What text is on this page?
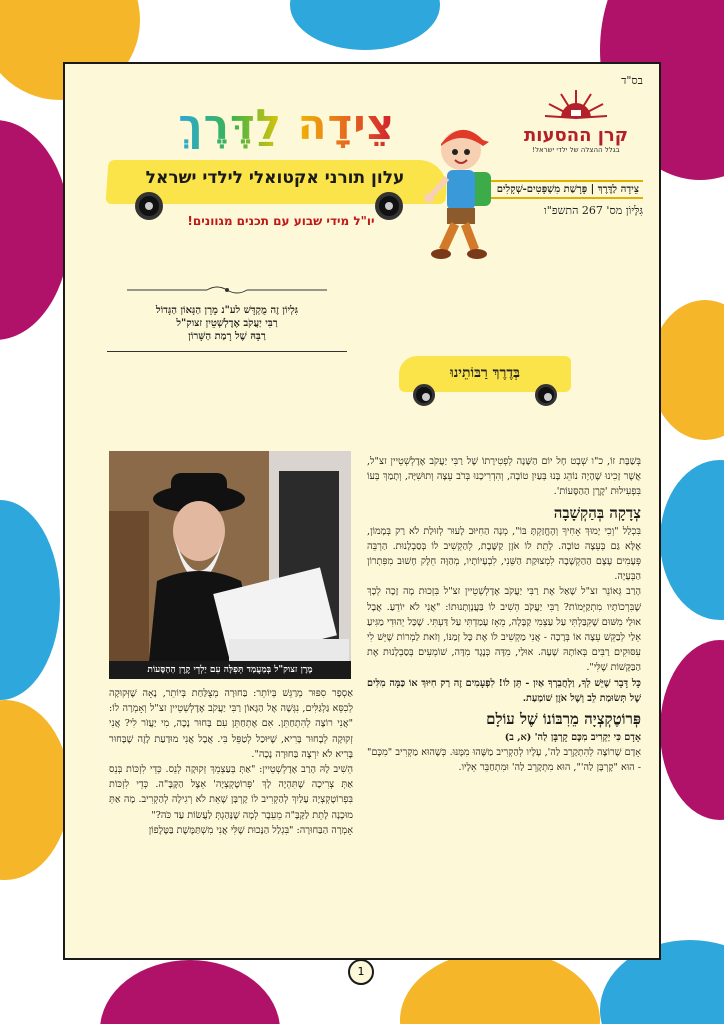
בס"ד
קרן ההסעות
בגלל ההצלה של ילדי ישראל!
צֵידָה לַדֶּרֶךְ | פָּרָשַׁת מִשְׁפָּטִים-שְׁקָלִים
גִּלָּיוֹן מס' 267 התשפ"ו
צֵידָה לַדֶּרֶךְ
עלון תורני אקטואלי לילדי ישראל
יו"ל מידי שבוע עם תכנים מגוונים!
גִּלְיוֹן זֶה מֻקְדָּשׁ לע"נ מָרָן הַגָּאוֹן הַגָּדוֹל
רַבִּי יַעֲקֹב אֶדֶלְשְׁטֵין זצוק"ל
רַבָּהּ שֶׁל רָמַת הַשָּׁרוֹן
בְּדֶרֶךְ רַבּוֹתֵינוּ

בְּשַׁבָּת זוֹ, כ"ו שְׁבָט חָל יוֹם הַשָּׁנָה לְפְטִירָתוֹ שֶׁל רַבִּי יַעֲקֹב אֶדֶלְשְׁטֵיין זצ"ל, אֲשֶׁר זָכִינוּ שֶׁהָיָה נוֹהֵג בָּנוּ בְּעַיִן טוֹבָה, וְהִדְרִיכָנוּ בְּרֹב עֵצָה וְתוּשִׁיָּה, וְתָמַךְ בְּעוֹ בִּפְעִילוּת 'קֶרֶן הַהַסָּעוֹת'.

צְדָקָה בְּהַקְשָׁבָה

בִּכְלַל "וְכִי יָמוּךְ אָחִיךָ וְהֶחֱזַקְתָּ בּוֹ", מְנָה הַחִיּוּב לָעוּר לְזוּלַת לֹא רַק בְּמָמוֹן, אֶלָּא גַּם בְּעֵצָה טוֹבָה. לָתֵת לוֹ אֹזֶן קַשֶּׁבֶת, לְהַקְשִׁיב לוֹ בְּסַבְלָנוּת. הַרְבֵּה פְּעָמִים עֶצֶם הַהַקְשָׁבָה לִמְצוּקַת הַשֵּׁנִי, לִבְעָיוֹתָיו, מְהַוָּה חֵלֶק חָשׁוּב מִפִּתְרוֹן הַבְּעָיָה.

הָרַב גְּאוֹנֵר זצ"ל שָׁאַל אֶת רַבִּי יַעֲקֹב אֶדֶלְשְׁטֵיין זצ"ל בִּזְכוּת מָה זָכָה לְכָךְ שֶׁבִּרְכוֹתָיו מִתְקַיְּמוֹת? רַבִּי יַעֲקֹב הֵשִׁיב לוֹ בַּעֲנָוְתָנוּתוֹ: "אֲנִי לֹא יוֹדֵעַ. אֲבָל אוּלַי מִשּׁוּם שֶׁקִּבַּלְתִּי עַל עַצְמִי קַבָּלָה, מֵאָז עָמַדְתִּי עַל דַּעְתִּי. שֶׁכָּל יְהוּדִי מַגִּיעַ אֵלַי לְבַקֵּשׁ עֵצָה אוֹ בְּרָכָה - אֲנִי מַקְשִׁיב לוֹ אֶת כָּל זְמַנּוֹ, וְזֹאת לַמְרוֹת שֶׁיֵּשׁ לִי עִסּוּקִים רַבִּים בְּאוֹתָהּ שָׁעָה. אוּלַי, מִדָּה כְּנֶגֶד מִדָּה, שׁוֹמְעִים בְּסַבְלָנוּת אֶת הַבַּקָּשׁוֹת שֶׁלִּי".

כָּל דָּבָר שֶׁיֵּשׁ לְךָ, וַלְחֲבֵרְךָ אַיִן - תֵּן לוֹ! לִפְעָמִים זֶה רַק חִיּוּךְ אוֹ כַּמָּה מִלִּים שֶׁל תְּשׂוּמַת לֵב וְשֶׁל אֹזֶן שׁוֹמַעַת.

פְּרוֹטֶקְצְיָה מֵרִבּוֹנוֹ שֶׁל עוֹלָם

אָדָם כִּי יַקְרִיב מִכֶּם קָרְבָּן לַה' (א, ב)

אָדָם שֶׁרוֹצֶה לְהִתְקָרֵב לַה', עָלָיו לְהַקְרִיב מַשֶּׁהוּ מִמֶּנּוּ. כְּשֶׁהוּא מַקְרִיב "מִכֶּם" - הוּא "קָרְבָּן לַה'", הוּא מִתְקָרֵב לַה' וּמִתְחַבֵּר אֵלָיו.

מָרָן זצוק"ל בְּמַעֲמַד תְּפִלָּה עִם יַלְדֵי קֶרֶן הַהַסָּעוֹת

אַסְפָר סִפּוּר מְרַגֵּשׁ בְּיוֹתֵר: בַּחוּרָה מְצֻלַּחַת בְּיוֹתֵר, נָאָה שֶׁזְּקוּקָה לְכִסֵּא גַּלְגַּלִּים, נִגְּשָׁה אֶל הַגָּאוֹן רַבִּי יַעֲקֹב אֶדֶלְשְׁטֵיין זצ"ל וְאָמְרָה לוֹ: "אֲנִי רוֹצָה לְהִתְחַתֵּן. אִם אֶתְחַתֵּן עִם בָּחוּר נָכֶה, מִי יַעֲזֹר לִי? אֲנִי זְקוּקָה לְבָחוּר בָּרִיא, שֶׁיּוּכַל לְטַפֵּל בִּי. אֲבָל אֲנִי מוּדַעַת לָזֶה שֶׁבָּחוּר בָּרִיא לֹא יִרְצֶה בַּחוּרָה נָכָה".

הֵשִׁיב לָהּ הָרַב אֶדֶלְשְׁטֵיין: "אַתְּ בְּעַצְמֵךְ זְקוּקָה לְנֵס. כְּדֵי לִזְכּוֹת בְּנֵס אַתְּ צְרִיכָה שֶׁתִּהְיֶה לָךְ 'פְּרוֹטֶקְצְיָה' אֵצֶל הַקָּבָּ"ה. כְּדֵי לִזְכּוֹת בִּפְרוֹטֶקְצְיָה עָלַיִךְ לְהַקְרִיב לוֹ קָרְבָּן שֶׁאֵת לֹא רְגִילָה לְהַקְרִיב. מָה אַתְּ מוּכָנָה לָתֵת לַקָּבָּ"ה מֵעֵבֶר לְמָה שֶׁנָּהַגְתְּ לַעֲשׂוֹת עַד כֹּה?"

אָמְרָה הַבַּחוּרָה: "בִּגְלַל הַנָּכוּת שֶׁלִּי אֲנִי מִשְׁתַּמֶּשֶׁת בַּטֶּלֶפוֹן

1
